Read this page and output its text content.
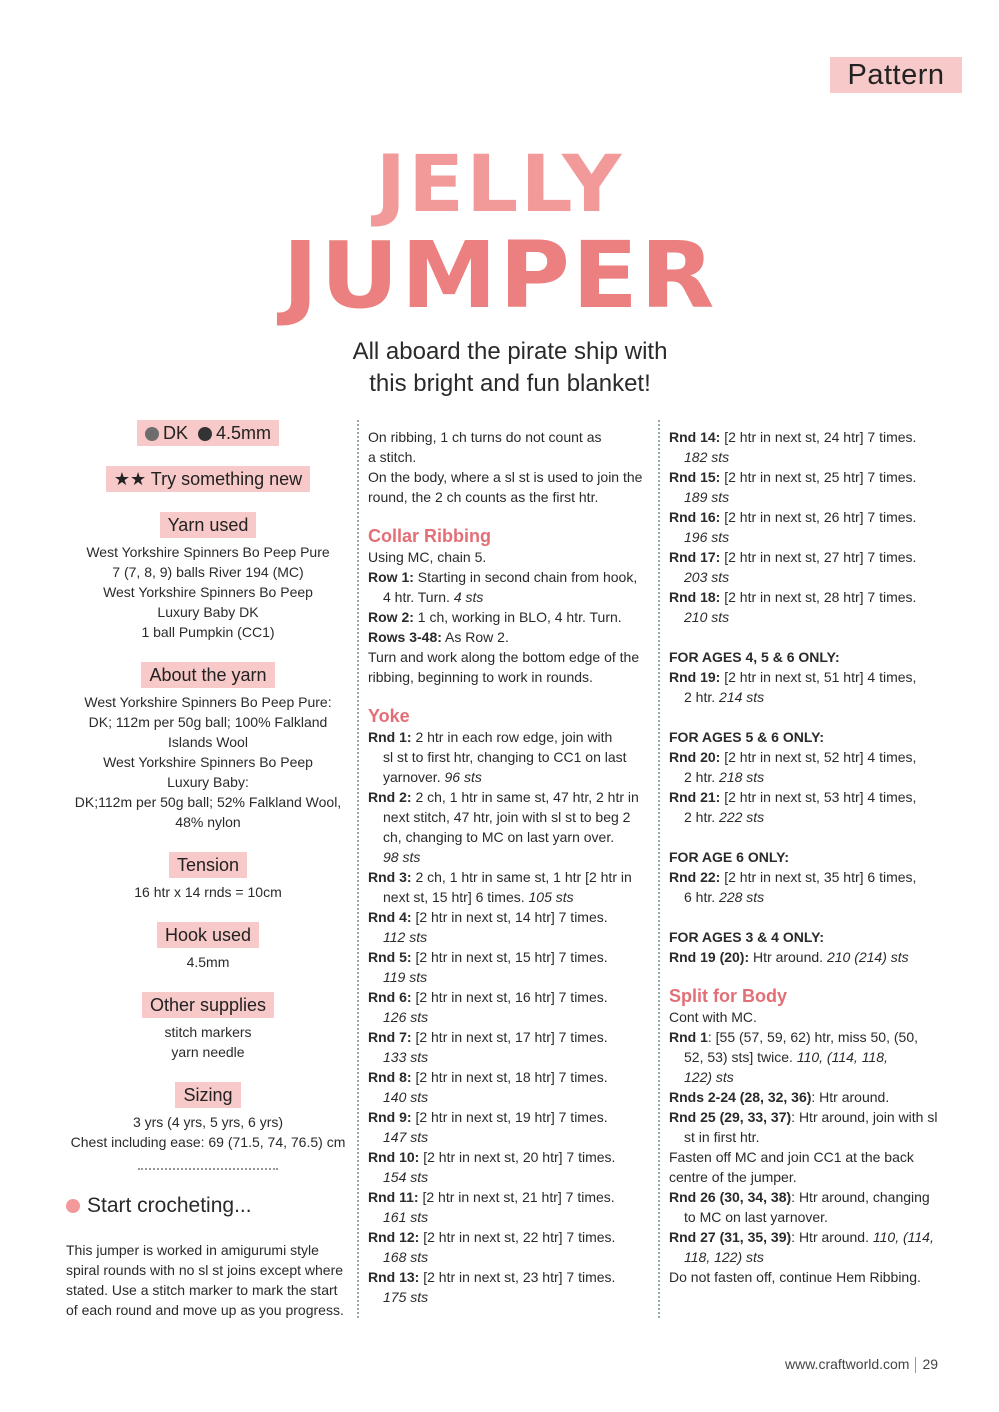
Pattern
JELLY
JUMPER
All aboard the pirate ship with
this bright and fun blanket!
DK 4.5mm
★★ Try something new
Yarn used
West Yorkshire Spinners Bo Peep Pure
7 (7, 8, 9) balls River 194 (MC)
West Yorkshire Spinners Bo Peep
Luxury Baby DK
1 ball Pumpkin (CC1)
About the yarn
West Yorkshire Spinners Bo Peep Pure:
DK; 112m per 50g ball; 100% Falkland
Islands Wool
West Yorkshire Spinners Bo Peep
Luxury Baby:
DK;112m per 50g ball; 52% Falkland Wool,
48% nylon
Tension
16 htr x 14 rnds = 10cm
Hook used
4.5mm
Other supplies
stitch markers
yarn needle
Sizing
3 yrs (4 yrs, 5 yrs, 6 yrs)
Chest including ease: 69 (71.5, 74, 76.5) cm
Start crocheting...
This jumper is worked in amigurumi style
spiral rounds with no sl st joins except where
stated. Use a stitch marker to mark the start
of each round and move up as you progress.
On ribbing, 1 ch turns do not count as
a stitch.
On the body, where a sl st is used to join the
round, the 2 ch counts as the first htr.
Collar Ribbing
Using MC, chain 5.
Row 1: Starting in second chain from hook,
4 htr. Turn. 4 sts
Row 2: 1 ch, working in BLO, 4 htr. Turn.
Rows 3-48: As Row 2.
Turn and work along the bottom edge of the
ribbing, beginning to work in rounds.
Yoke
Rnd 1: 2 htr in each row edge, join with
sl st to first htr, changing to CC1 on last
yarnover. 96 sts
Rnd 2: 2 ch, 1 htr in same st, 47 htr, 2 htr in
next stitch, 47 htr, join with sl st to beg 2
ch, changing to MC on last yarn over.
98 sts
Rnd 3: 2 ch, 1 htr in same st, 1 htr [2 htr in
next st, 15 htr] 6 times. 105 sts
Rnd 4: [2 htr in next st, 14 htr] 7 times.
112 sts
Rnd 5: [2 htr in next st, 15 htr] 7 times.
119 sts
Rnd 6: [2 htr in next st, 16 htr] 7 times.
126 sts
Rnd 7: [2 htr in next st, 17 htr] 7 times.
133 sts
Rnd 8: [2 htr in next st, 18 htr] 7 times.
140 sts
Rnd 9: [2 htr in next st, 19 htr] 7 times.
147 sts
Rnd 10: [2 htr in next st, 20 htr] 7 times.
154 sts
Rnd 11: [2 htr in next st, 21 htr] 7 times.
161 sts
Rnd 12: [2 htr in next st, 22 htr] 7 times.
168 sts
Rnd 13: [2 htr in next st, 23 htr] 7 times.
175 sts
Rnd 14: [2 htr in next st, 24 htr] 7 times.
182 sts
Rnd 15: [2 htr in next st, 25 htr] 7 times.
189 sts
Rnd 16: [2 htr in next st, 26 htr] 7 times.
196 sts
Rnd 17: [2 htr in next st, 27 htr] 7 times.
203 sts
Rnd 18: [2 htr in next st, 28 htr] 7 times.
210 sts
FOR AGES 4, 5 & 6 ONLY:
Rnd 19: [2 htr in next st, 51 htr] 4 times,
2 htr. 214 sts
FOR AGES 5 & 6 ONLY:
Rnd 20: [2 htr in next st, 52 htr] 4 times,
2 htr. 218 sts
Rnd 21: [2 htr in next st, 53 htr] 4 times,
2 htr. 222 sts
FOR AGE 6 ONLY:
Rnd 22: [2 htr in next st, 35 htr] 6 times,
6 htr. 228 sts
FOR AGES 3 & 4 ONLY:
Rnd 19 (20): Htr around. 210 (214) sts
Split for Body
Cont with MC.
Rnd 1: [55 (57, 59, 62) htr, miss 50, (50,
52, 53) sts] twice. 110, (114, 118,
122) sts
Rnds 2-24 (28, 32, 36): Htr around.
Rnd 25 (29, 33, 37): Htr around, join with sl
st in first htr.
Fasten off MC and join CC1 at the back
centre of the jumper.
Rnd 26 (30, 34, 38): Htr around, changing
to MC on last yarnover.
Rnd 27 (31, 35, 39): Htr around. 110, (114,
118, 122) sts
Do not fasten off, continue Hem Ribbing.
www.craftworld.com 29
